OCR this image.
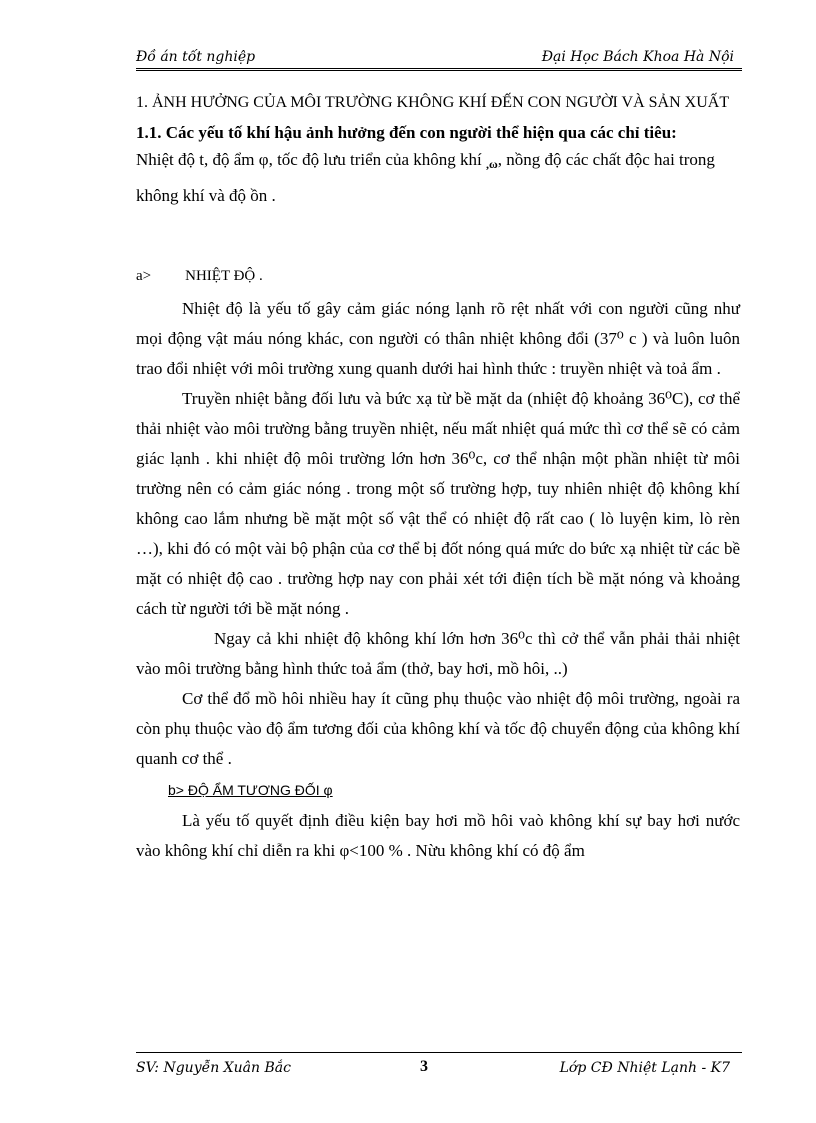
Đồ án tốt nghiệp	Đại Học Bách Khoa Hà Nội

1. ẢNH HƯỞNG CỦA MÔI TRƯỜNG KHÔNG KHÍ ĐẾN CON NGƯỜI VÀ SẢN XUẤT

1.1. Các yếu tố khí hậu ảnh hưởng đến con người thể hiện qua các chỉ tiêu:

Nhiệt độ t, độ ẩm φ, tốc độ lưu triển của không khí ,ω, nồng độ các chất độc hai trong không khí và độ ồn .

a> NHIỆT ĐỘ .

Nhiệt độ là yếu tố gây cảm giác nóng lạnh rõ rệt nhất với con người cũng như mọi động vật máu nóng khác, con người có thân nhiệt không đổi (37⁰ c ) và luôn luôn trao đổi nhiệt với môi trường xung quanh dưới hai hình thức : truyền nhiệt và toả ẩm .

Truyền nhiệt bằng đối lưu và bức xạ từ bề mặt da (nhiệt độ khoảng 36⁰C), cơ thể thải nhiệt vào môi trường bằng truyền nhiệt, nếu mất nhiệt quá mức thì cơ thể sẽ có cảm giác lạnh . khi nhiệt độ môi trường lớn hơn 36⁰c, cơ thể nhận một phần nhiệt từ môi trường nên có cảm giác nóng . trong một số trường hợp, tuy nhiên nhiệt độ không khí không cao lắm nhưng bề mặt một số vật thể có nhiệt độ rất cao ( lò luyện kim, lò rèn …), khi đó có một vài bộ phận của cơ thể bị đốt nóng quá mức do bức xạ nhiệt từ các bề mặt có nhiệt độ cao . trường hợp nay con phải xét tới điện tích bề mặt nóng và khoảng cách từ người tới bề mặt nóng .

Ngay cả khi nhiệt độ không khí lớn hơn 36⁰c thì cở thể vẫn phải thải nhiệt vào môi trường bằng hình thức toả ẩm (thở, bay hơi, mồ hôi, ..)

Cơ thể đổ mồ hôi nhiều hay ít cũng phụ thuộc vào nhiệt độ môi trường, ngoài ra còn phụ thuộc vào độ ẩm tương đối của không khí và tốc độ chuyển động của không khí quanh cơ thể .

b> ĐỘ ẨM TƯƠNG ĐỐI φ

Là yếu tố quyết định điều kiện bay hơi mồ hôi vaò không khí sự bay hơi nước vào không khí chỉ diễn ra khi φ<100 % . Nừu không khí có độ ẩm

SV: Nguyễn Xuân Bắc	3	Lớp CĐ Nhiệt Lạnh - K7
